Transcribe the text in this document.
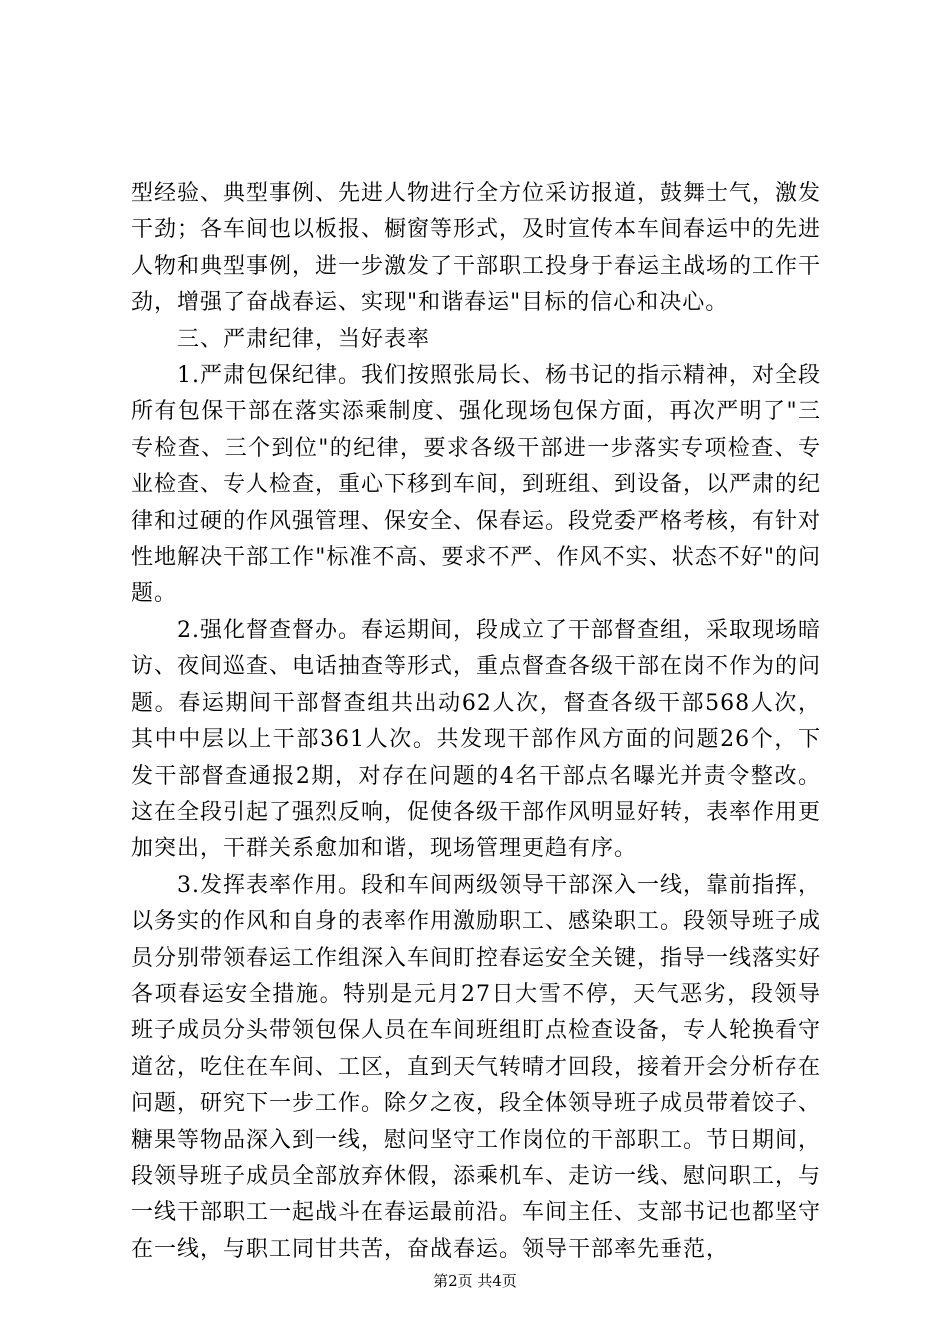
型经验、典型事例、先进人物进行全方位采访报道，鼓舞士气，激发干劲；各车间也以板报、橱窗等形式，及时宣传本车间春运中的先进人物和典型事例，进一步激发了干部职工投身于春运主战场的工作干劲，增强了奋战春运、实现"和谐春运"目标的信心和决心。

三、严肃纪律，当好表率

1.严肃包保纪律。我们按照张局长、杨书记的指示精神，对全段所有包保干部在落实添乘制度、强化现场包保方面，再次严明了"三专检查、三个到位"的纪律，要求各级干部进一步落实专项检查、专业检查、专人检查，重心下移到车间，到班组、到设备，以严肃的纪律和过硬的作风强管理、保安全、保春运。段党委严格考核，有针对性地解决干部工作"标准不高、要求不严、作风不实、状态不好"的问题。

2.强化督查督办。春运期间，段成立了干部督查组，采取现场暗访、夜间巡查、电话抽查等形式，重点督查各级干部在岗不作为的问题。春运期间干部督查组共出动62人次，督查各级干部568人次，其中中层以上干部361人次。共发现干部作风方面的问题26个，下发干部督查通报2期，对存在问题的4名干部点名曝光并责令整改。这在全段引起了强烈反响，促使各级干部作风明显好转，表率作用更加突出，干群关系愈加和谐，现场管理更趋有序。

3.发挥表率作用。段和车间两级领导干部深入一线，靠前指挥，以务实的作风和自身的表率作用激励职工、感染职工。段领导班子成员分别带领春运工作组深入车间盯控春运安全关键，指导一线落实好各项春运安全措施。特别是元月27日大雪不停，天气恶劣，段领导班子成员分头带领包保人员在车间班组盯点检查设备，专人轮换看守道岔，吃住在车间、工区，直到天气转晴才回段，接着开会分析存在问题，研究下一步工作。除夕之夜，段全体领导班子成员带着饺子、糖果等物品深入到一线，慰问坚守工作岗位的干部职工。节日期间，段领导班子成员全部放弃休假，添乘机车、走访一线、慰问职工，与一线干部职工一起战斗在春运最前沿。车间主任、支部书记也都坚守在一线，与职工同甘共苦，奋战春运。领导干部率先垂范，

第2页 共4页
